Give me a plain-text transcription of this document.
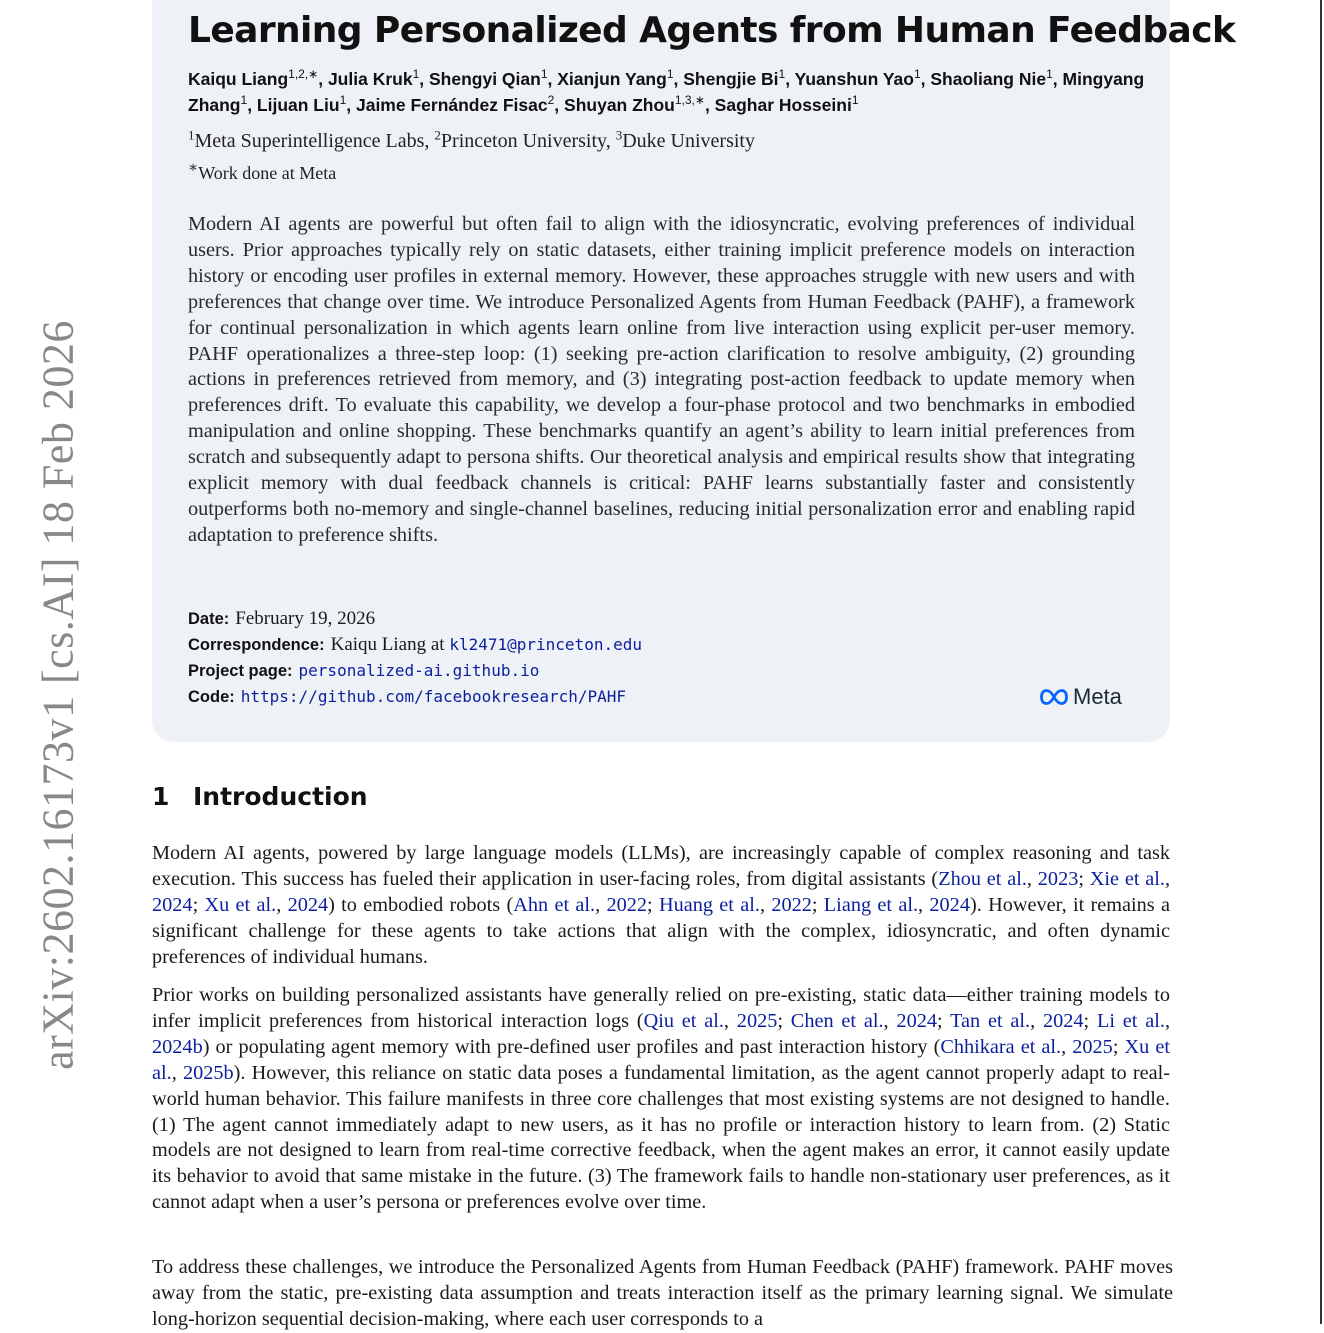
arXiv:2602.16173v1 [cs.AI] 18 Feb 2026
Learning Personalized Agents from Human Feedback
Kaiqu Liang$^{1,2,∗}$, Julia Kruk$^1$, Shengyi Qian$^1$, Xianjun Yang$^1$, Shengjie Bi$^1$, Yuanshun Yao$^1$, Shaoliang Nie$^1$, Mingyang Zhang$^1$, Lijuan Liu$^1$, Jaime Fernández Fisac$^2$, Shuyan Zhou$^{1,3,∗}$, Saghar Hosseini$^1$
$^1$Meta Superintelligence Labs, $^2$Princeton University, $^3$Duke University
∗Work done at Meta

Modern AI agents are powerful but often fail to align with the idiosyncratic, evolving preferences of individual users. Prior approaches typically rely on static datasets, either training implicit preference models on interaction history or encoding user profiles in external memory. However, these approaches struggle with new users and with preferences that change over time. We introduce Personalized Agents from Human Feedback (PAHF), a framework for continual personalization in which agents learn online from live interaction using explicit per-user memory. PAHF operationalizes a three-step loop: (1) seeking pre-action clarification to resolve ambiguity, (2) grounding actions in preferences retrieved from memory, and (3) integrating post-action feedback to update memory when preferences drift. To evaluate this capability, we develop a four-phase protocol and two benchmarks in embodied manipulation and online shopping. These benchmarks quantify an agent’s ability to learn initial preferences from scratch and subsequently adapt to persona shifts. Our theoretical analysis and empirical results show that integrating explicit memory with dual feedback channels is critical: PAHF learns substantially faster and consistently outperforms both no-memory and single-channel baselines, reducing initial personalization error and enabling rapid adaptation to preference shifts.

Date: February 19, 2026
Correspondence: Kaiqu Liang at kl2471@princeton.edu
Project page: personalized-ai.github.io
Code: https://github.com/facebookresearch/PAHF	Meta
1 Introduction

Modern AI agents, powered by large language models (LLMs), are increasingly capable of complex reasoning and task execution. This success has fueled their application in user-facing roles, from digital assistants (Zhou et al., 2023; Xie et al., 2024; Xu et al., 2024) to embodied robots (Ahn et al., 2022; Huang et al., 2022; Liang et al., 2024). However, it remains a significant challenge for these agents to take actions that align with the complex, idiosyncratic, and often dynamic preferences of individual humans.

Prior works on building personalized assistants have generally relied on pre-existing, static data—either training models to infer implicit preferences from historical interaction logs (Qiu et al., 2025; Chen et al., 2024; Tan et al., 2024; Li et al., 2024b) or populating agent memory with pre-defined user profiles and past interaction history (Chhikara et al., 2025; Xu et al., 2025b). However, this reliance on static data poses a fundamental limitation, as the agent cannot properly adapt to real-world human behavior. This failure manifests in three core challenges that most existing systems are not designed to handle. (1) The agent cannot immediately adapt to new users, as it has no profile or interaction history to learn from. (2) Static models are not designed to learn from real-time corrective feedback, when the agent makes an error, it cannot easily update its behavior to avoid that same mistake in the future. (3) The framework fails to handle non-stationary user preferences, as it cannot adapt when a user’s persona or preferences evolve over time.

To address these challenges, we introduce the Personalized Agents from Human Feedback (PAHF) framework. PAHF moves away from the static, pre-existing data assumption and treats interaction itself as the primary learning signal. We simulate long-horizon sequential decision-making, where each user corresponds to a
